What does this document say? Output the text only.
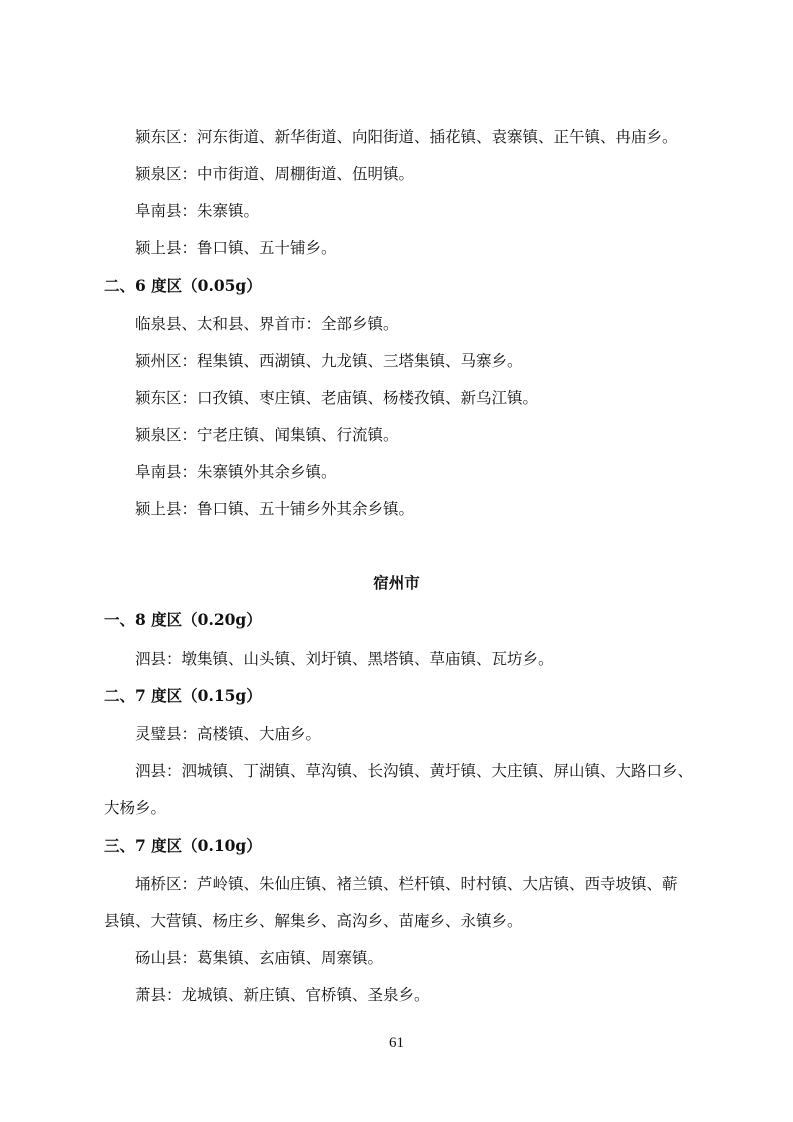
颍东区：河东街道、新华街道、向阳街道、插花镇、袁寨镇、正午镇、冉庙乡。
颍泉区：中市街道、周棚街道、伍明镇。
阜南县：朱寨镇。
颍上县：鲁口镇、五十铺乡。
二、6 度区（0.05g）
临泉县、太和县、界首市：全部乡镇。
颍州区：程集镇、西湖镇、九龙镇、三塔集镇、马寨乡。
颍东区：口孜镇、枣庄镇、老庙镇、杨楼孜镇、新乌江镇。
颍泉区：宁老庄镇、闻集镇、行流镇。
阜南县：朱寨镇外其余乡镇。
颍上县：鲁口镇、五十铺乡外其余乡镇。
宿州市
一、8 度区（0.20g）
泗县：墩集镇、山头镇、刘圩镇、黑塔镇、草庙镇、瓦坊乡。
二、7 度区（0.15g）
灵璧县：高楼镇、大庙乡。
泗县：泗城镇、丁湖镇、草沟镇、长沟镇、黄圩镇、大庄镇、屏山镇、大路口乡、
大杨乡。
三、7 度区（0.10g）
埇桥区：芦岭镇、朱仙庄镇、褚兰镇、栏杆镇、时村镇、大店镇、西寺坡镇、蕲
县镇、大营镇、杨庄乡、解集乡、高沟乡、苗庵乡、永镇乡。
砀山县：葛集镇、玄庙镇、周寨镇。
萧县：龙城镇、新庄镇、官桥镇、圣泉乡。
61
